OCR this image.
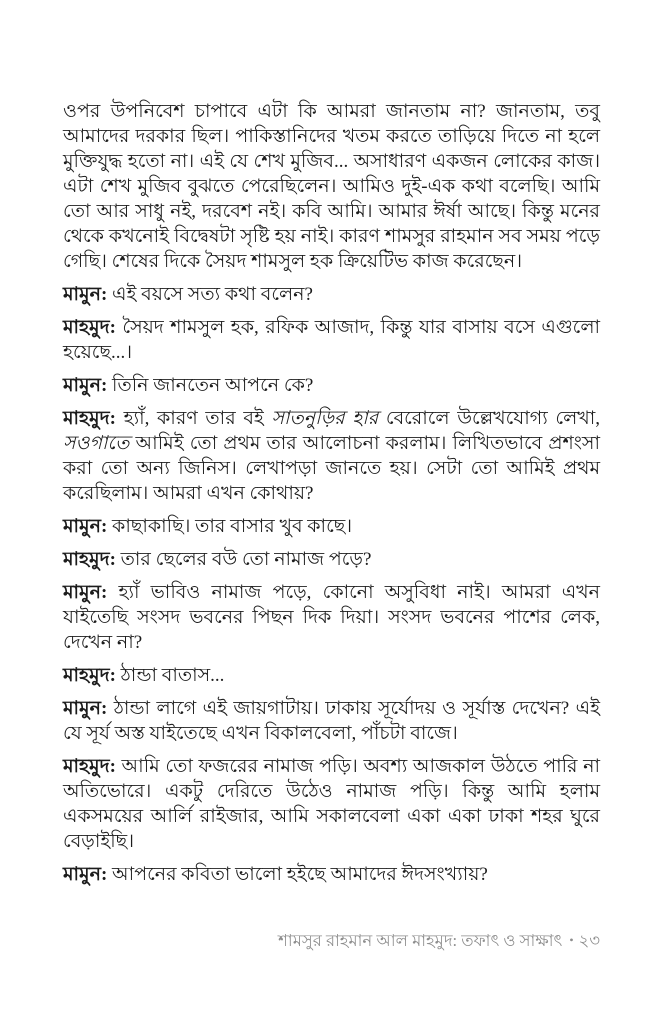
ওপর উপনিবেশ চাপাবে এটা কি আমরা জানতাম না? জানতাম, তবু আমাদের দরকার ছিল। পাকিস্তানিদের খতম করতে তাড়িয়ে দিতে না হলে মুক্তিযুদ্ধ হতো না। এই যে শেখ মুজিব... অসাধারণ একজন লোকের কাজ। এটা শেখ মুজিব বুঝতে পেরেছিলেন। আমিও দুই-এক কথা বলেছি। আমি তো আর সাধু নই, দরবেশ নই। কবি আমি। আমার ঈর্ষা আছে। কিন্তু মনের থেকে কখনোই বিদ্বেষটা সৃষ্টি হয় নাই। কারণ শামসুর রাহমান সব সময় পড়ে গেছি। শেষের দিকে সৈয়দ শামসুল হক ক্রিয়েটিভ কাজ করেছেন।

মামুন: এই বয়সে সত্য কথা বলেন?

মাহমুদ: সৈয়দ শামসুল হক, রফিক আজাদ, কিন্তু যার বাসায় বসে এগুলো হয়েছে...।

মামুন: তিনি জানতেন আপনে কে?

মাহমুদ: হ্যাঁ, কারণ তার বই সাতনুড়ির হার বেরোলে উল্লেখযোগ্য লেখা, সওগাতে আমিই তো প্রথম তার আলোচনা করলাম। লিখিতভাবে প্রশংসা করা তো অন্য জিনিস। লেখাপড়া জানতে হয়। সেটা তো আমিই প্রথম করেছিলাম। আমরা এখন কোথায়?

মামুন: কাছাকাছি। তার বাসার খুব কাছে।

মাহমুদ: তার ছেলের বউ তো নামাজ পড়ে?

মামুন: হ্যাঁ ভাবিও নামাজ পড়ে, কোনো অসুবিধা নাই। আমরা এখন যাইতেছি সংসদ ভবনের পিছন দিক দিয়া। সংসদ ভবনের পাশের লেক, দেখেন না?

মাহমুদ: ঠান্ডা বাতাস...

মামুন: ঠান্ডা লাগে এই জায়গাটায়। ঢাকায় সূর্যোদয় ও সূর্যাস্ত দেখেন? এই যে সূর্য অস্ত যাইতেছে এখন বিকালবেলা, পাঁচটা বাজে।

মাহমুদ: আমি তো ফজরের নামাজ পড়ি। অবশ্য আজকাল উঠতে পারি না অতিভোরে। একটু দেরিতে উঠেও নামাজ পড়ি। কিন্তু আমি হলাম একসময়ের আর্লি রাইজার, আমি সকালবেলা একা একা ঢাকা শহর ঘুরে বেড়াইছি।

মামুন: আপনের কবিতা ভালো হইছে আমাদের ঈদসংখ্যায়?

শামসুর রাহমান আল মাহমুদ: তফাৎ ও সাক্ষাৎ • ২৩
